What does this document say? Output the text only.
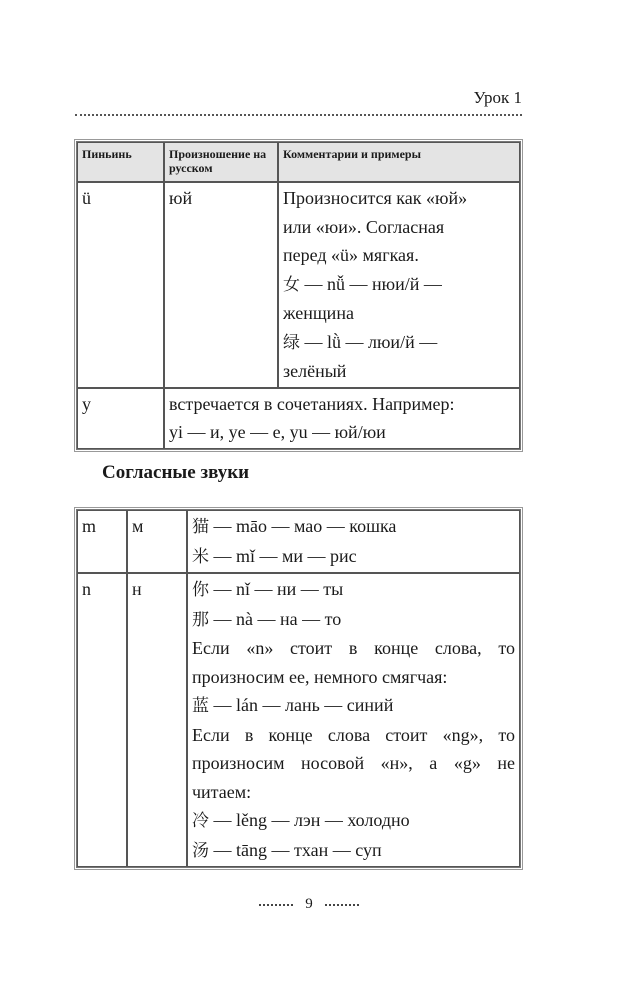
Урок 1
Пиньинь	Произношение на русском	Комментарии и примеры
ü	юй	Произносится как «юй»
или «юи». Согласная
перед «ü» мягкая.
女 — nǚ — нюи/й —
женщина
绿 — lǜ — люи/й —
зелёный

y	встречается в сочетаниях. Например:
yi — и, ye — е, yu — юй/юи	
Согласные звуки
m	м	猫 — māo — мао — кошка
米 — mǐ — ми — рис

n	н	你 — nǐ — ни — ты
那 — nà — на — то
Если «n» стоит в конце слова, то
произносим ее, немного смягчая:
蓝 — lán — лань — синий
Если в конце слова стоит «ng», то
произносим носовой «н», а «g» не
читаем:
冷 — lěng — лэн — холодно
汤 — tāng — тхан — суп
9
